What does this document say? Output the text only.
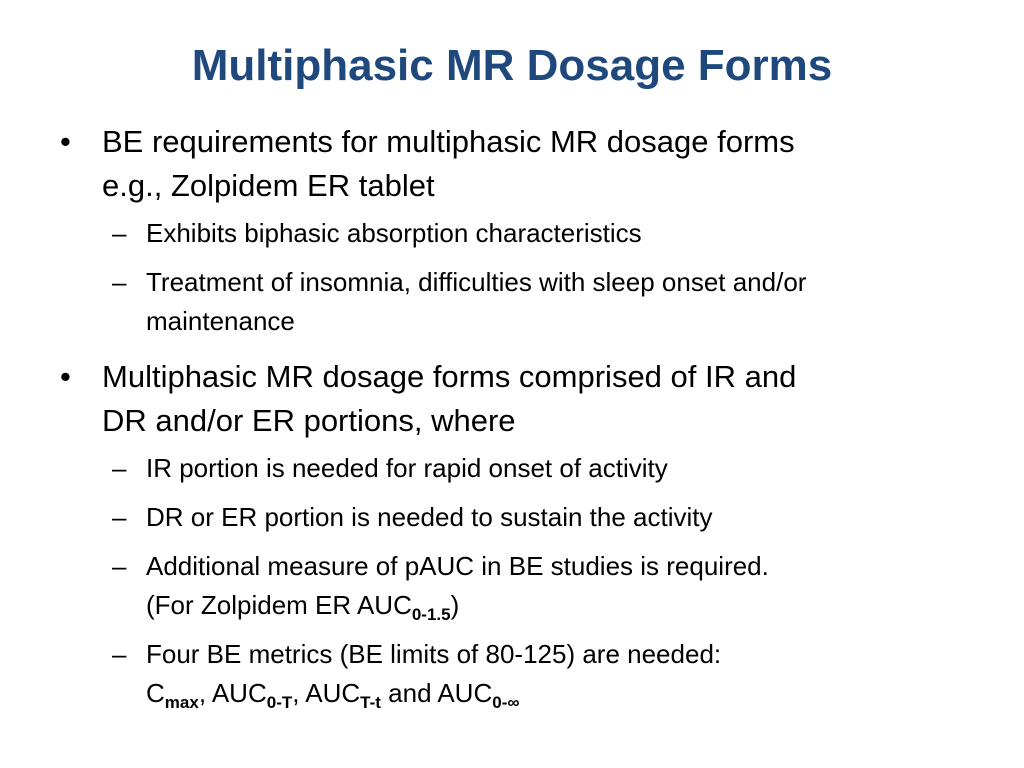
Multiphasic MR Dosage Forms
•	BE requirements for multiphasic MR dosage forms
e.g., Zolpidem ER tablet
– Exhibits biphasic absorption characteristics
– Treatment of insomnia, difficulties with sleep onset and/or
maintenance
•	Multiphasic MR dosage forms comprised of IR and
DR and/or ER portions, where
– IR portion is needed for rapid onset of activity
– DR or ER portion is needed to sustain the activity
– Additional measure of pAUC in BE studies is required.
(For Zolpidem ER $AUC_{0-1.5}$)
– Four BE metrics (BE limits of 80-125) are needed:
$C_{max}$, $AUC_{0-T}$, $AUC_{T-t}$ and $AUC_{0-\infty}$
